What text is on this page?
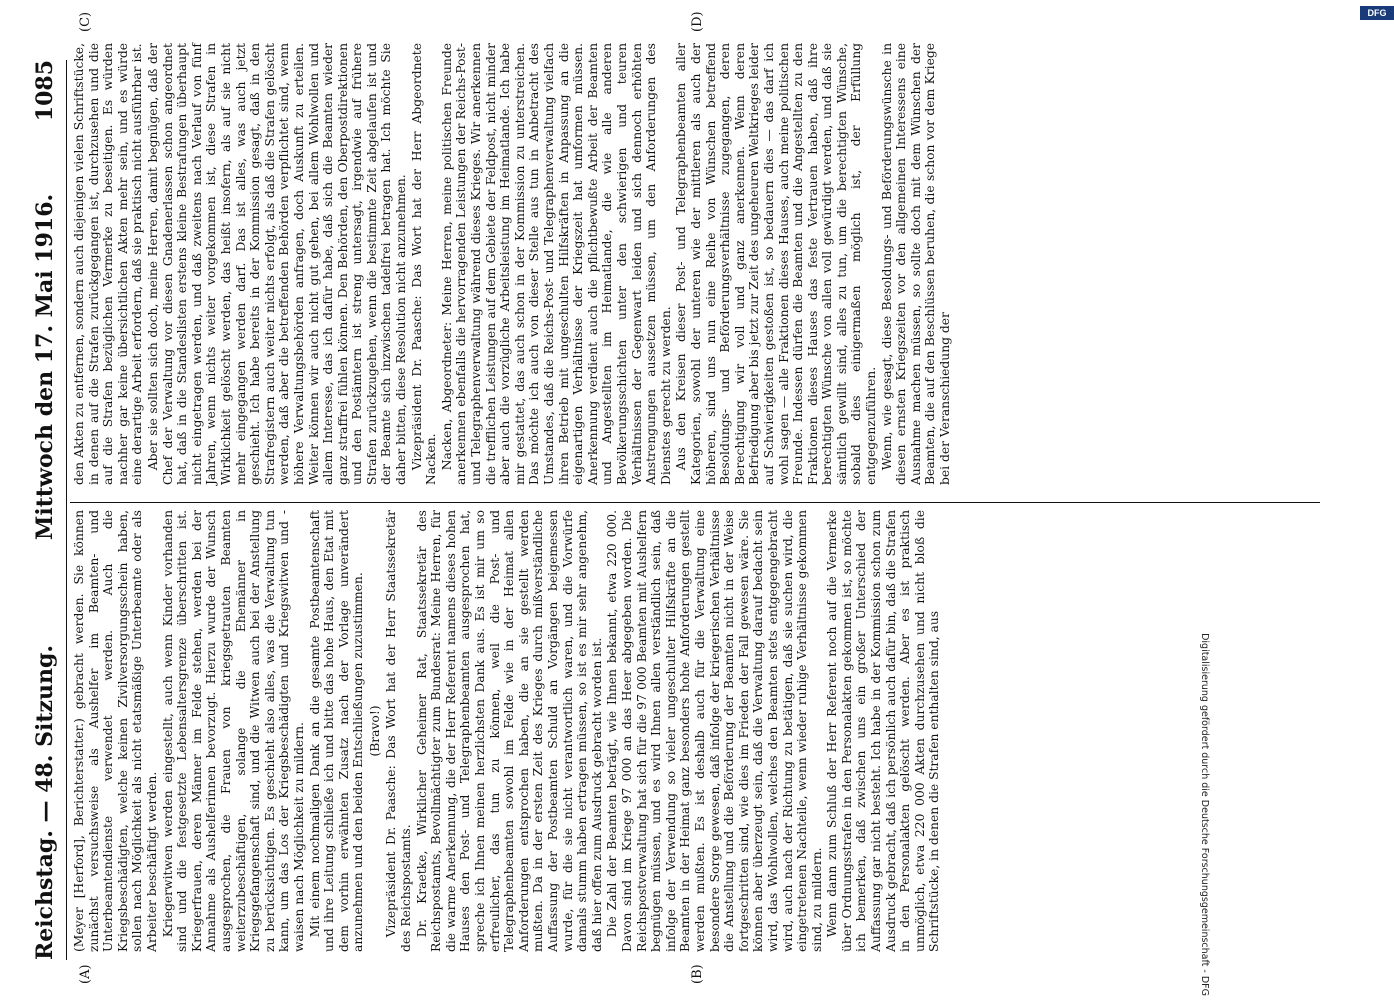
Reichstag. — 48. Sitzung.
Mittwoch den 17. Mai 1916.
1085
(A)	(B)
(C)	(D)

(Meyer [Herford], Berichterstatter.) gebracht werden. Sie können zunächst versuchsweise als Aushelfer im Beamten- und Unterbeamtendienste verwendet werden. Auch die Kriegsbeschädigten, welche keinen Zivilversorgungsschein haben, sollen nach Möglichkeit als nicht etatsmäßige Unterbeamte oder als Arbeiter beschäftigt werden. Kriegerwitwen werden eingestellt, auch wenn Kinder vorhanden sind und die festgesetzte Lebensaltersgrenze überschritten ist. Kriegerfrauen, deren Männer im Felde stehen, werden bei der Annahme als Aushelferinnen bevorzugt. Hierzu wurde der Wunsch ausgesprochen, die Frauen von kriegsgetrauten Beamten weiterzubeschäftigen, solange die Ehemänner in Kriegsgefangenschaft sind, und die Witwen auch bei der Anstellung zu berücksichtigen. Es geschieht also alles, was die Verwaltung tun kann, um das Los der Kriegsbeschädigten und Kriegswitwen und -waisen nach Möglichkeit zu mildern. Mit einem nochmaligen Dank an die gesamte Postbeamtenschaft und ihre Leitung schließe ich und bitte das hohe Haus, den Etat mit dem vorhin erwähnten Zusatz nach der Vorlage unverändert anzunehmen und den beiden Entschließungen zuzustimmen. (Bravo!) Vizepräsident Dr. Paasche: Das Wort hat der Herr Staatssekretär des Reichspostamts. Dr. Kraetke, Wirklicher Geheimer Rat, Staatssekretär des Reichspostamts, Bevollmächtigter zum Bundesrat: Meine Herren, für die warme Anerkennung, die der Herr Referent namens dieses hohen Hauses den Post- und Telegraphenbeamten ausgesprochen hat, spreche ich Ihnen meinen herzlichsten Dank aus. Es ist mir um so erfreulicher, das tun zu können, weil die Post- und Telegraphenbeamten sowohl im Felde wie in der Heimat allen Anforderungen entsprochen haben, die an sie gestellt werden mußten. Da in der ersten Zeit des Krieges durch mißverständliche Auffassung der Postbeamten Schuld an Vorgängen beigemessen wurde, für die sie nicht verantwortlich waren, und die Vorwürfe damals stumm haben ertragen müssen, so ist es mir sehr angenehm, daß hier offen zum Ausdruck gebracht worden ist. Die Zahl der Beamten beträgt, wie Ihnen bekannt, etwa 220 000. Davon sind im Kriege 97 000 an das Heer abgegeben worden. Die Reichspostverwaltung hat sich für die 97 000 Beamten mit Aushelfern begnügen müssen, und es wird Ihnen allen verständlich sein, daß infolge der Verwendung so vieler ungeschulter Hilfskräfte an die Beamten in der Heimat ganz besonders hohe Anforderungen gestellt werden mußten. Es ist deshalb auch für die Verwaltung eine besondere Sorge gewesen, daß infolge der kriegerischen Verhältnisse die Anstellung und die Beförderung der Beamten nicht in der Weise fortgeschritten sind, wie dies im Frieden der Fall gewesen wäre. Sie können aber überzeugt sein, daß die Verwaltung darauf bedacht sein wird, das Wohlwollen, welches den Beamten stets entgegengebracht wird, auch nach der Richtung zu betätigen, daß sie suchen wird, die eingetretenen Nachteile, wenn wieder ruhige Verhältnisse gekommen sind, zu mildern. Wenn dann zum Schluß der Herr Referent noch auf die Vermerke über Ordnungsstrafen in den Personalakten gekommen ist, so möchte ich bemerken, daß zwischen uns ein großer Unterschied der Auffassung gar nicht besteht. Ich habe in der Kommission schon zum Ausdruck gebracht, daß ich persönlich auch dafür bin, daß die Strafen in den Personalakten gelöscht werden. Aber es ist praktisch unmöglich, etwa 220 000 Akten durchzusehen und nicht bloß die Schriftstücke, in denen die Strafen enthalten sind, aus

den Akten zu entfernen, sondern auch diejenigen vielen Schriftstücke, in denen auf die Strafen zurückgegangen ist, durchzusehen und die auf die Strafen bezüglichen Vermerke zu beseitigen. Es würden nachher gar keine übersichtlichen Akten mehr sein, und es würde eine derartige Arbeit erfordern, daß sie praktisch nicht ausführbar ist. Aber sie sollten sich doch, meine Herren, damit begnügen, daß der Chef der Verwaltung vor diesen Gnadenerlassen schon angeordnet hat, daß in die Standeslisten erstens kleine Bestrafungen überhaupt nicht eingetragen werden, und daß zweitens nach Verlauf von fünf Jahren, wenn nichts weiter vorgekommen ist, diese Strafen in Wirklichkeit gelöscht werden, das heißt insofern, als auf sie nicht mehr eingegangen werden darf. Das ist alles, was auch jetzt geschieht. Ich habe bereits in der Kommission gesagt, daß in den Strafregistern auch weiter nichts erfolgt, als daß die Strafen gelöscht werden, daß aber die betreffenden Behörden verpflichtet sind, wenn höhere Verwaltungsbehörden anfragen, doch Auskunft zu erteilen. Weiter können wir auch nicht gut gehen, bei allem Wohlwollen und allem Interesse, das ich dafür habe, daß sich die Beamten wieder ganz straffrei fühlen können. Den Behörden, den Oberpostdirektionen und den Postämtern ist streng untersagt, irgendwie auf frühere Strafen zurückzugehen, wenn die bestimmte Zeit abgelaufen ist und der Beamte sich inzwischen tadelfrei betragen hat. Ich möchte Sie daher bitten, diese Resolution nicht anzunehmen. Vizepräsident Dr. Paasche: Das Wort hat der Herr Abgeordnete Nacken. Nacken, Abgeordneter: Meine Herren, meine politischen Freunde anerkennen ebenfalls die hervorragenden Leistungen der Reichs-Post- und Telegraphenverwaltung während dieses Krieges. Wir anerkennen die trefflichen Leistungen auf dem Gebiete der Feldpost, nicht minder aber auch die vorzügliche Arbeitsleistung im Heimatlande. Ich habe mir gestattet, das auch schon in der Kommission zu unterstreichen. Das möchte ich auch von dieser Stelle aus tun in Anbetracht des Umstandes, daß die Reichs-Post- und Telegraphenverwaltung vielfach ihren Betrieb mit ungeschulten Hilfskräften in Anpassung an die eigenartigen Verhältnisse der Kriegszeit hat umformen müssen. Anerkennung verdient auch die pflichtbewußte Arbeit der Beamten und Angestellten im Heimatlande, die wie alle anderen Bevölkerungsschichten unter den schwierigen und teuren Verhältnissen der Gegenwart leiden und sich dennoch erhöhten Anstrengungen aussetzen müssen, um den Anforderungen des Dienstes gerecht zu werden. Aus den Kreisen dieser Post- und Telegraphenbeamten aller Kategorien, sowohl der unteren wie der mittleren als auch der höheren, sind uns nun eine Reihe von Wünschen betreffend Besoldungs- und Beförderungsverhältnisse zugegangen, deren Berechtigung wir voll und ganz anerkennen. Wenn deren Befriedigung aber bis jetzt zur Zeit des ungeheuren Weltkrieges leider auf Schwierigkeiten gestoßen ist, so bedauern dies — das darf ich wohl sagen — alle Fraktionen dieses Hauses, auch meine politischen Freunde. Indessen dürfen die Beamten und die Angestellten zu den Fraktionen dieses Hauses das feste Vertrauen haben, daß ihre berechtigten Wünsche von allen voll gewürdigt werden, und daß sie sämtlich gewillt sind, alles zu tun, um die berechtigten Wünsche, sobald dies einigermaßen möglich ist, der Erfüllung entgegenzuführen. Wenn, wie gesagt, diese Besoldungs- und Beförderungswünsche in diesen ernsten Kriegszeiten vor den allgemeinen Interessens eine Ausnahme machen müssen, so sollte doch mit dem Wünschen der Beamten, die auf den Beschlüssen beruhen, die schon vor dem Kriege bei der Veranschiedung der

Digitalisierung gefördert durch die Deutsche Forschungsgemeinschaft - DFG
DFG
